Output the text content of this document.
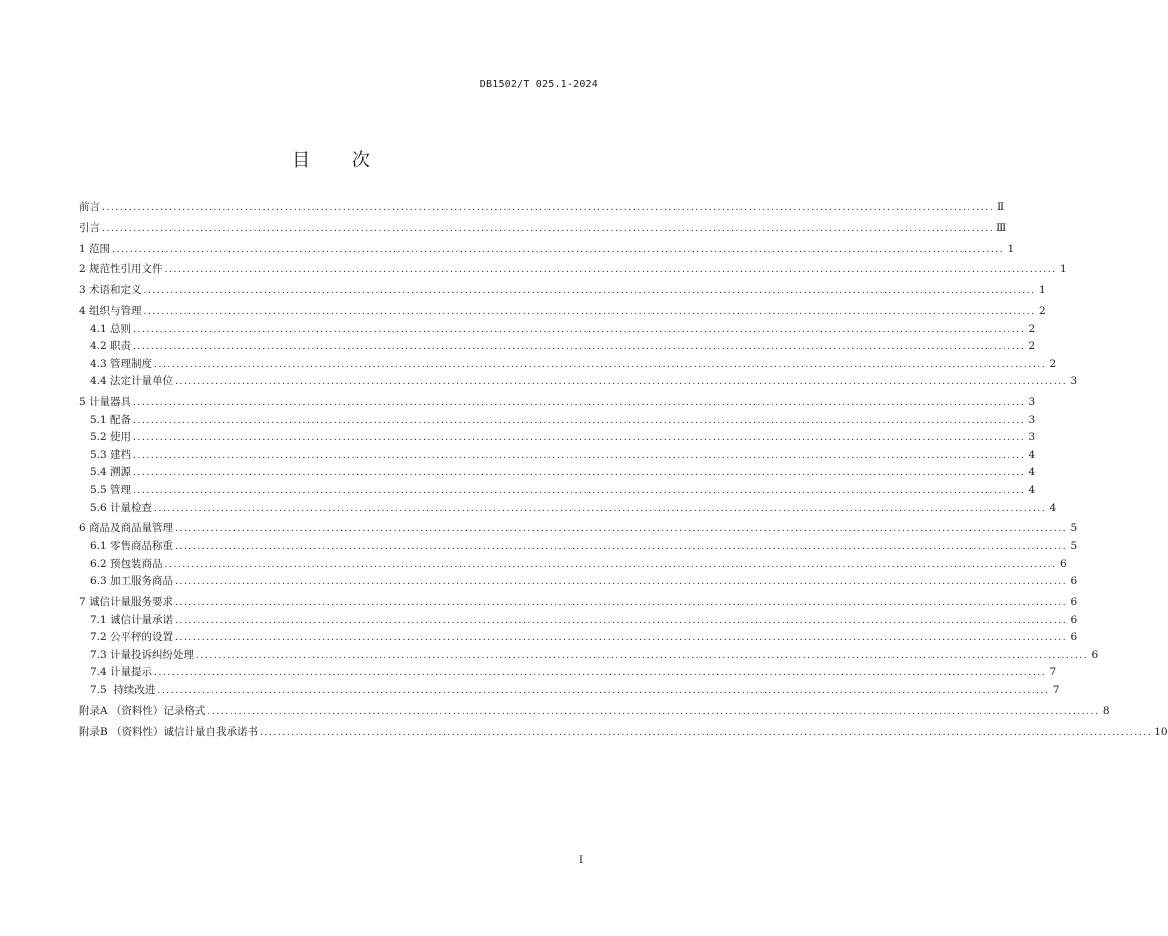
DB1502/T 025.1-2024
目 次
前言 ........................................................................................................................................................................................................ Ⅱ
引言 ........................................................................................................................................................................................................ Ⅲ
1 范围 ........................................................................................................................................................................................................ 1
2 规范性引用文件 ........................................................................................................................................................................................................ 1
3 术语和定义 ........................................................................................................................................................................................................ 1
4 组织与管理 ........................................................................................................................................................................................................ 2
4.1 总则 ........................................................................................................................................................................................................ 2
4.2 职责 ........................................................................................................................................................................................................ 2
4.3 管理制度 ........................................................................................................................................................................................................ 2
4.4 法定计量单位 ........................................................................................................................................................................................................ 3
5 计量器具 ........................................................................................................................................................................................................ 3
5.1 配备 ........................................................................................................................................................................................................ 3
5.2 使用 ........................................................................................................................................................................................................ 3
5.3 建档 ........................................................................................................................................................................................................ 4
5.4 溯源 ........................................................................................................................................................................................................ 4
5.5 管理 ........................................................................................................................................................................................................ 4
5.6 计量检查 ........................................................................................................................................................................................................ 4
6 商品及商品量管理 ........................................................................................................................................................................................................ 5
6.1 零售商品称重 ........................................................................................................................................................................................................ 5
6.2 预包装商品 ........................................................................................................................................................................................................ 6
6.3 加工服务商品 ........................................................................................................................................................................................................ 6
7 诚信计量服务要求 ........................................................................................................................................................................................................ 6
7.1 诚信计量承诺 ........................................................................................................................................................................................................ 6
7.2 公平秤的设置 ........................................................................................................................................................................................................ 6
7.3 计量投诉纠纷处理 ........................................................................................................................................................................................................ 6
7.4 计量提示 ........................................................................................................................................................................................................ 7
7.5  持续改进 ........................................................................................................................................................................................................ 7
附录A （资料性）记录格式 ........................................................................................................................................................................................................ 8
附录B （资料性）诚信计量自我承诺书 ........................................................................................................................................................................................................ 10
I
